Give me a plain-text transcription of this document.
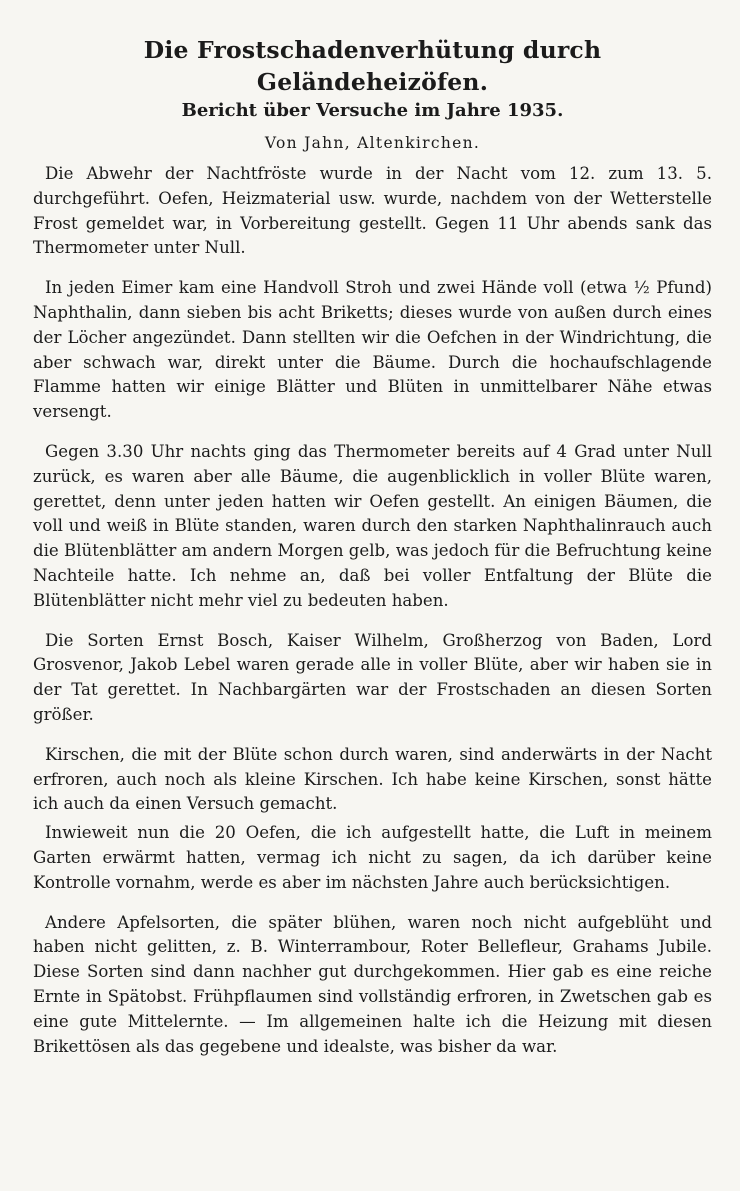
Die Frostschadenverhütung durch Geländeheizöfen.
Bericht über Versuche im Jahre 1935.
Von Jahn, Altenkirchen.

Die Abwehr der Nachtfröste wurde in der Nacht vom 12. zum 13. 5. durchgeführt. Oefen, Heizmaterial usw. wurde, nachdem von der Wetterstelle Frost gemeldet war, in Vorbereitung gestellt. Gegen 11 Uhr abends sank das Thermometer unter Null.

In jeden Eimer kam eine Handvoll Stroh und zwei Hände voll (etwa ½ Pfund) Naphthalin, dann sieben bis acht Briketts; dieses wurde von außen durch eines der Löcher angezündet. Dann stellten wir die Oefchen in der Windrichtung, die aber schwach war, direkt unter die Bäume. Durch die hochaufschlagende Flamme hatten wir einige Blätter und Blüten in unmittelbarer Nähe etwas versengt.

Gegen 3.30 Uhr nachts ging das Thermometer bereits auf 4 Grad unter Null zurück, es waren aber alle Bäume, die augenblicklich in voller Blüte waren, gerettet, denn unter jeden hatten wir Oefen gestellt. An einigen Bäumen, die voll und weiß in Blüte standen, waren durch den starken Naphthalinrauch auch die Blütenblätter am andern Morgen gelb, was jedoch für die Befruchtung keine Nachteile hatte. Ich nehme an, daß bei voller Entfaltung der Blüte die Blütenblätter nicht mehr viel zu bedeuten haben.

Die Sorten Ernst Bosch, Kaiser Wilhelm, Großherzog von Baden, Lord Grosvenor, Jakob Lebel waren gerade alle in voller Blüte, aber wir haben sie in der Tat gerettet. In Nachbargärten war der Frostschaden an diesen Sorten größer.

Kirschen, die mit der Blüte schon durch waren, sind anderwärts in der Nacht erfroren, auch noch als kleine Kirschen. Ich habe keine Kirschen, sonst hätte ich auch da einen Versuch gemacht.

Inwieweit nun die 20 Oefen, die ich aufgestellt hatte, die Luft in meinem Garten erwärmt hatten, vermag ich nicht zu sagen, da ich darüber keine Kontrolle vornahm, werde es aber im nächsten Jahre auch berücksichtigen.

Andere Apfelsorten, die später blühen, waren noch nicht aufgeblüht und haben nicht gelitten, z. B. Winterrambour, Roter Bellefleur, Grahams Jubile. Diese Sorten sind dann nachher gut durchgekommen. Hier gab es eine reiche Ernte in Spätobst. Frühpflaumen sind vollständig erfroren, in Zwetschen gab es eine gute Mittelernte. — Im allgemeinen halte ich die Heizung mit diesen Brikettösen als das gegebene und idealste, was bisher da war.
